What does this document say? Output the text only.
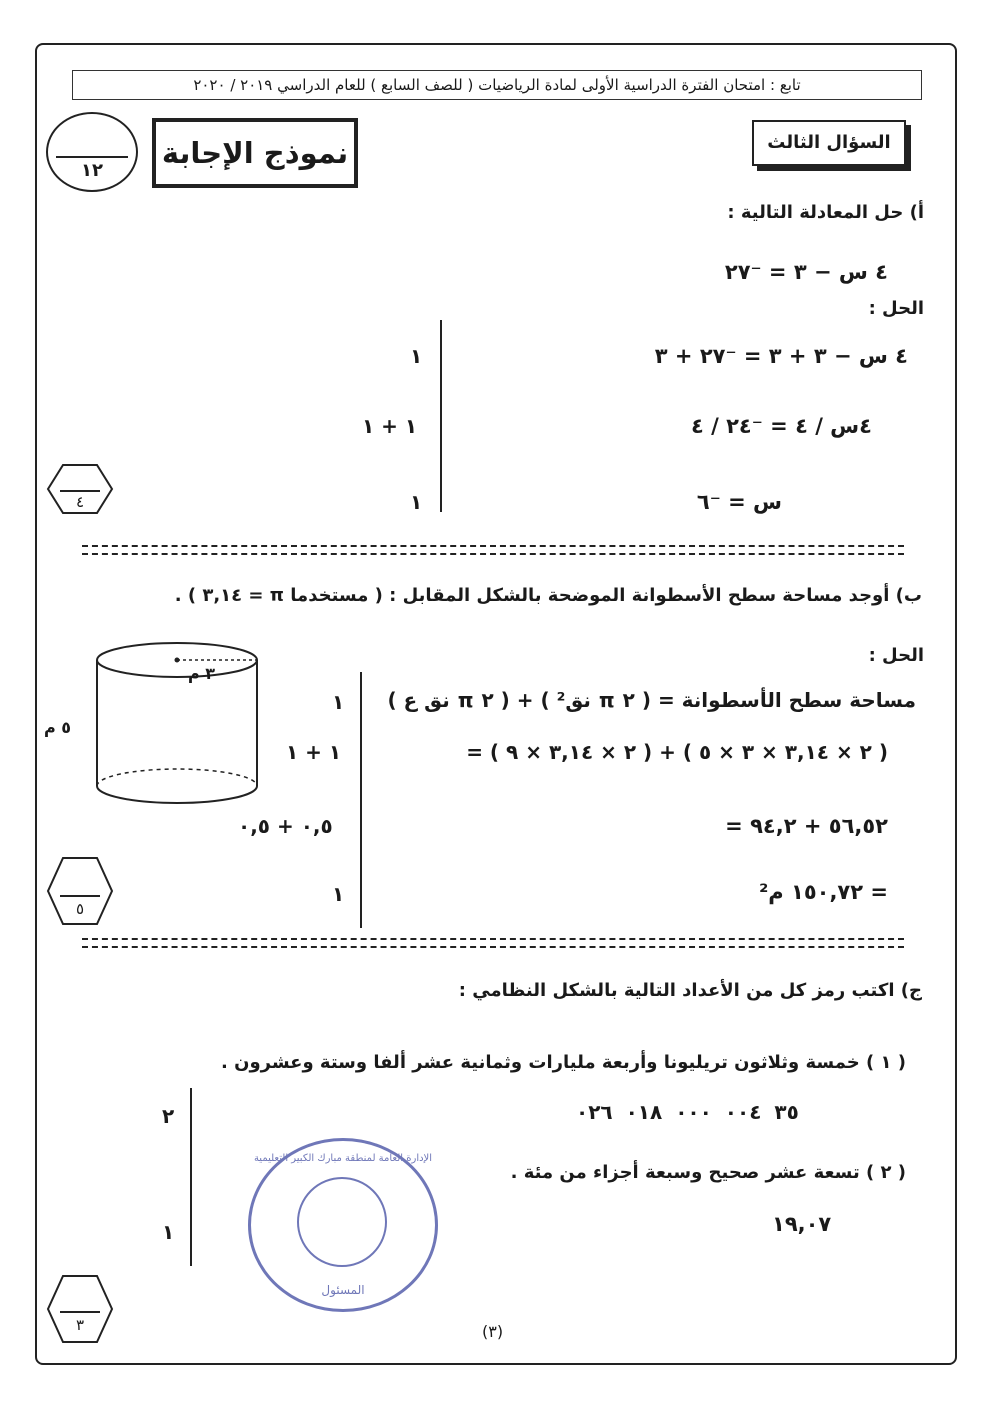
تابع : امتحان الفترة الدراسية الأولى لمادة الرياضيات ( للصف السابع ) للعام الدراسي ٢٠١٩ / ٢٠٢٠
١٢
نموذج الإجابة	السؤال الثالث
أ) حل المعادلة التالية :
٤ س − ٣ = ⁻٢٧
الحل :
٤ س − ٣ + ٣ = ⁻٢٧ + ٣
٤س / ٤ = ⁻٢٤ / ٤
س = ⁻٦
١
١ + ١
١
٤
ب) أوجد مساحة سطح الأسطوانة الموضحة بالشكل المقابل : ( مستخدما π = ٣,١٤ ) .
الحل :
٣ م
٥ م
مساحة سطح الأسطوانة = ( ٢ π نق² ) + ( ٢ π نق ع )
= ( ٢ × ٣,١٤ × ٩ ) + ( ٢ × ٣,١٤ × ٣ × ٥ )
= ٥٦,٥٢ + ٩٤,٢
= ١٥٠,٧٢ م²
١
١ + ١
٠,٥ + ٠,٥
١
٥
ج) اكتب رمز كل من الأعداد التالية بالشكل النظامي :
( ١ ) خمسة وثلاثون تريليونا وأربعة مليارات وثمانية عشر ألفا وستة وعشرون .
٣٥ ٠٠٤ ٠٠٠ ٠١٨ ٠٢٦
٢
( ٢ ) تسعة عشر صحيح وسبعة أجزاء من مئة .
١٩,٠٧
١
٣
الإدارة العامة لمنطقة مبارك الكبير التعليمية
المسئول
(٣)
